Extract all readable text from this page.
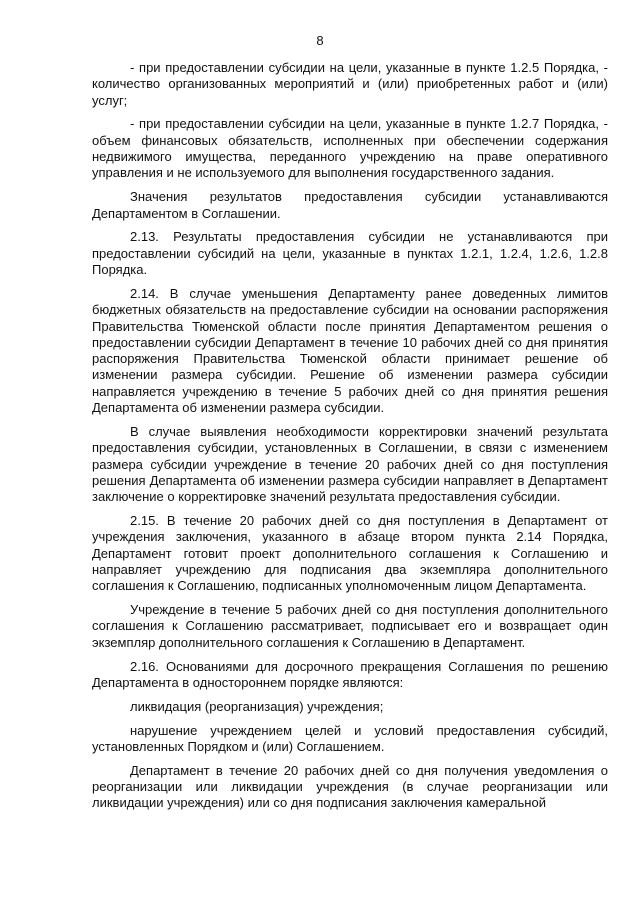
8

- при предоставлении субсидии на цели, указанные в пункте 1.2.5 Порядка, - количество организованных мероприятий и (или) приобретенных работ и (или) услуг;

- при предоставлении субсидии на цели, указанные в пункте 1.2.7 Порядка, - объем финансовых обязательств, исполненных при обеспечении содержания недвижимого имущества, переданного учреждению на праве оперативного управления и не используемого для выполнения государственного задания.

Значения результатов предоставления субсидии устанавливаются Департаментом в Соглашении.

2.13. Результаты предоставления субсидии не устанавливаются при предоставлении субсидий на цели, указанные в пунктах 1.2.1, 1.2.4, 1.2.6, 1.2.8 Порядка.

2.14. В случае уменьшения Департаменту ранее доведенных лимитов бюджетных обязательств на предоставление субсидии на основании распоряжения Правительства Тюменской области после принятия Департаментом решения о предоставлении субсидии Департамент в течение 10 рабочих дней со дня принятия распоряжения Правительства Тюменской области принимает решение об изменении размера субсидии. Решение об изменении размера субсидии направляется учреждению в течение 5 рабочих дней со дня принятия решения Департамента об изменении размера субсидии.

В случае выявления необходимости корректировки значений результата предоставления субсидии, установленных в Соглашении, в связи с изменением размера субсидии учреждение в течение 20 рабочих дней со дня поступления решения Департамента об изменении размера субсидии направляет в Департамент заключение о корректировке значений результата предоставления субсидии.

2.15. В течение 20 рабочих дней со дня поступления в Департамент от учреждения заключения, указанного в абзаце втором пункта 2.14 Порядка, Департамент готовит проект дополнительного соглашения к Соглашению и направляет учреждению для подписания два экземпляра дополнительного соглашения к Соглашению, подписанных уполномоченным лицом Департамента.

Учреждение в течение 5 рабочих дней со дня поступления дополнительного соглашения к Соглашению рассматривает, подписывает его и возвращает один экземпляр дополнительного соглашения к Соглашению в Департамент.

2.16. Основаниями для досрочного прекращения Соглашения по решению Департамента в одностороннем порядке являются:

ликвидация (реорганизация) учреждения;

нарушение учреждением целей и условий предоставления субсидий, установленных Порядком и (или) Соглашением.

Департамент в течение 20 рабочих дней со дня получения уведомления о реорганизации или ликвидации учреждения (в случае реорганизации или ликвидации учреждения) или со дня подписания заключения камеральной
